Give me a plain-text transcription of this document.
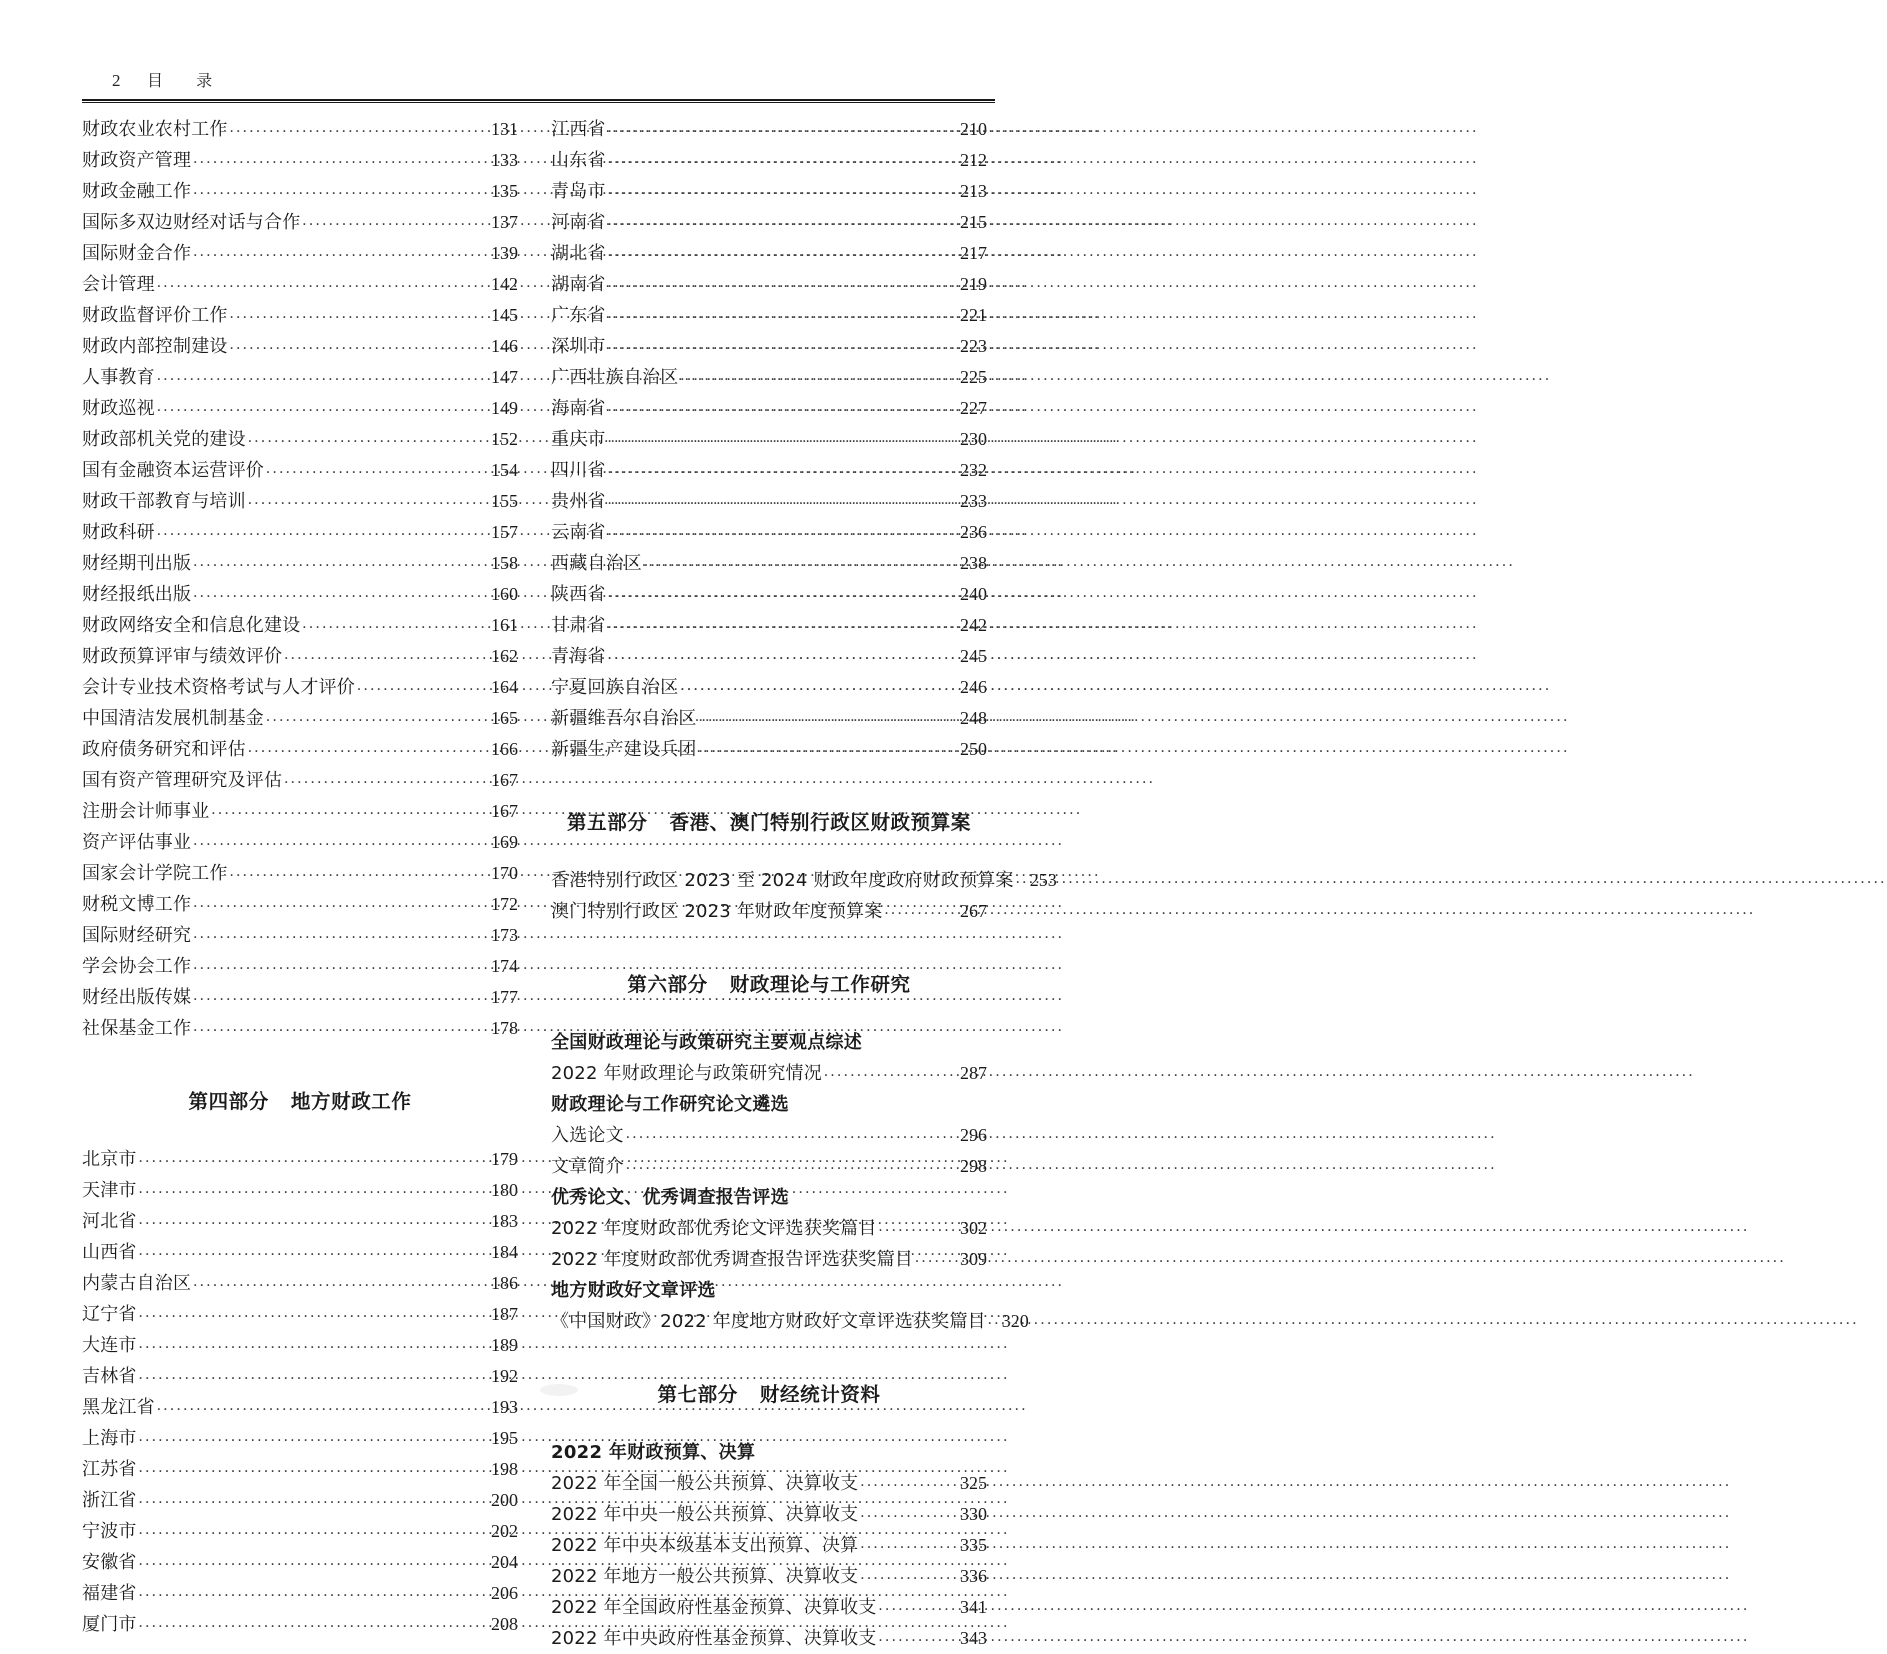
2 目 录
财政农业农村工作 .....	131
财政资产管理 .....	133
财政金融工作 .....	135
国际多双边财经对话与合作 .....	137
国际财金合作 .....	139
会计管理 .....	142
财政监督评价工作 .....	145
财政内部控制建设 .....	146
人事教育 .....	147
财政巡视 .....	149
财政部机关党的建设 .....	152
国有金融资本运营评价 .....	154
财政干部教育与培训 .....	155
财政科研 .....	157
财经期刊出版 .....	158
财经报纸出版 .....	160
财政网络安全和信息化建设 .....	161
财政预算评审与绩效评价 .....	162
会计专业技术资格考试与人才评价 .....	164
中国清洁发展机制基金 .....	165
政府债务研究和评估 .....	166
国有资产管理研究及评估 .....	167
注册会计师事业 .....	167
资产评估事业 .....	169
国家会计学院工作 .....	170
财税文博工作 .....	172
国际财经研究 .....	173
学会协会工作 .....	174
财经出版传媒 .....	177
社保基金工作 .....	178
第四部分 地方财政工作
北京市 .....	179
天津市 .....	180
河北省 .....	183
山西省 .....	184
内蒙古自治区 .....	186
辽宁省 .....	187
大连市 .....	189
吉林省 .....	192
黑龙江省 .....	193
上海市 .....	195
江苏省 .....	198
浙江省 .....	200
宁波市 .....	202
安徽省 .....	204
福建省 .....	206
厦门市 .....	208
江西省 .....	210
山东省 .....	212
青岛市 .....	213
河南省 .....	215
湖北省 .....	217
湖南省 .....	219
广东省 .....	221
深圳市 .....	223
广西壮族自治区 .....	225
海南省 .....	227
重庆市 .....	230
四川省 .....	232
贵州省 .....	233
云南省 .....	236
西藏自治区 .....	238
陕西省 .....	240
甘肃省 .....	242
青海省 .....	245
宁夏回族自治区 .....	246
新疆维吾尔自治区 .....	248
新疆生产建设兵团 .....	250
第五部分 香港、澳门特别行政区财政预算案
香港特别行政区 2023 至 2024 财政年度政府财政预算案 ..... 253
澳门特别行政区 2023 年财政年度预算案 .....	267
第六部分 财政理论与工作研究
全国财政理论与政策研究主要观点综述
2022 年财政理论与政策研究情况 .....	287
财政理论与工作研究论文遴选
入选论文 .....	296
文章简介 .....	298
优秀论文、优秀调查报告评选
2022 年度财政部优秀论文评选获奖篇目 .....	302
2022 年度财政部优秀调查报告评选获奖篇目 .....	309
地方财政好文章评选
《中国财政》2022 年度地方财政好文章评选获奖篇目 ..... 320
第七部分 财经统计资料
2022 年财政预算、决算
2022 年全国一般公共预算、决算收支 .....	325
2022 年中央一般公共预算、决算收支 .....	330
2022 年中央本级基本支出预算、决算 .....	335
2022 年地方一般公共预算、决算收支 .....	336
2022 年全国政府性基金预算、决算收支 .....	341
2022 年中央政府性基金预算、决算收支 .....	343
